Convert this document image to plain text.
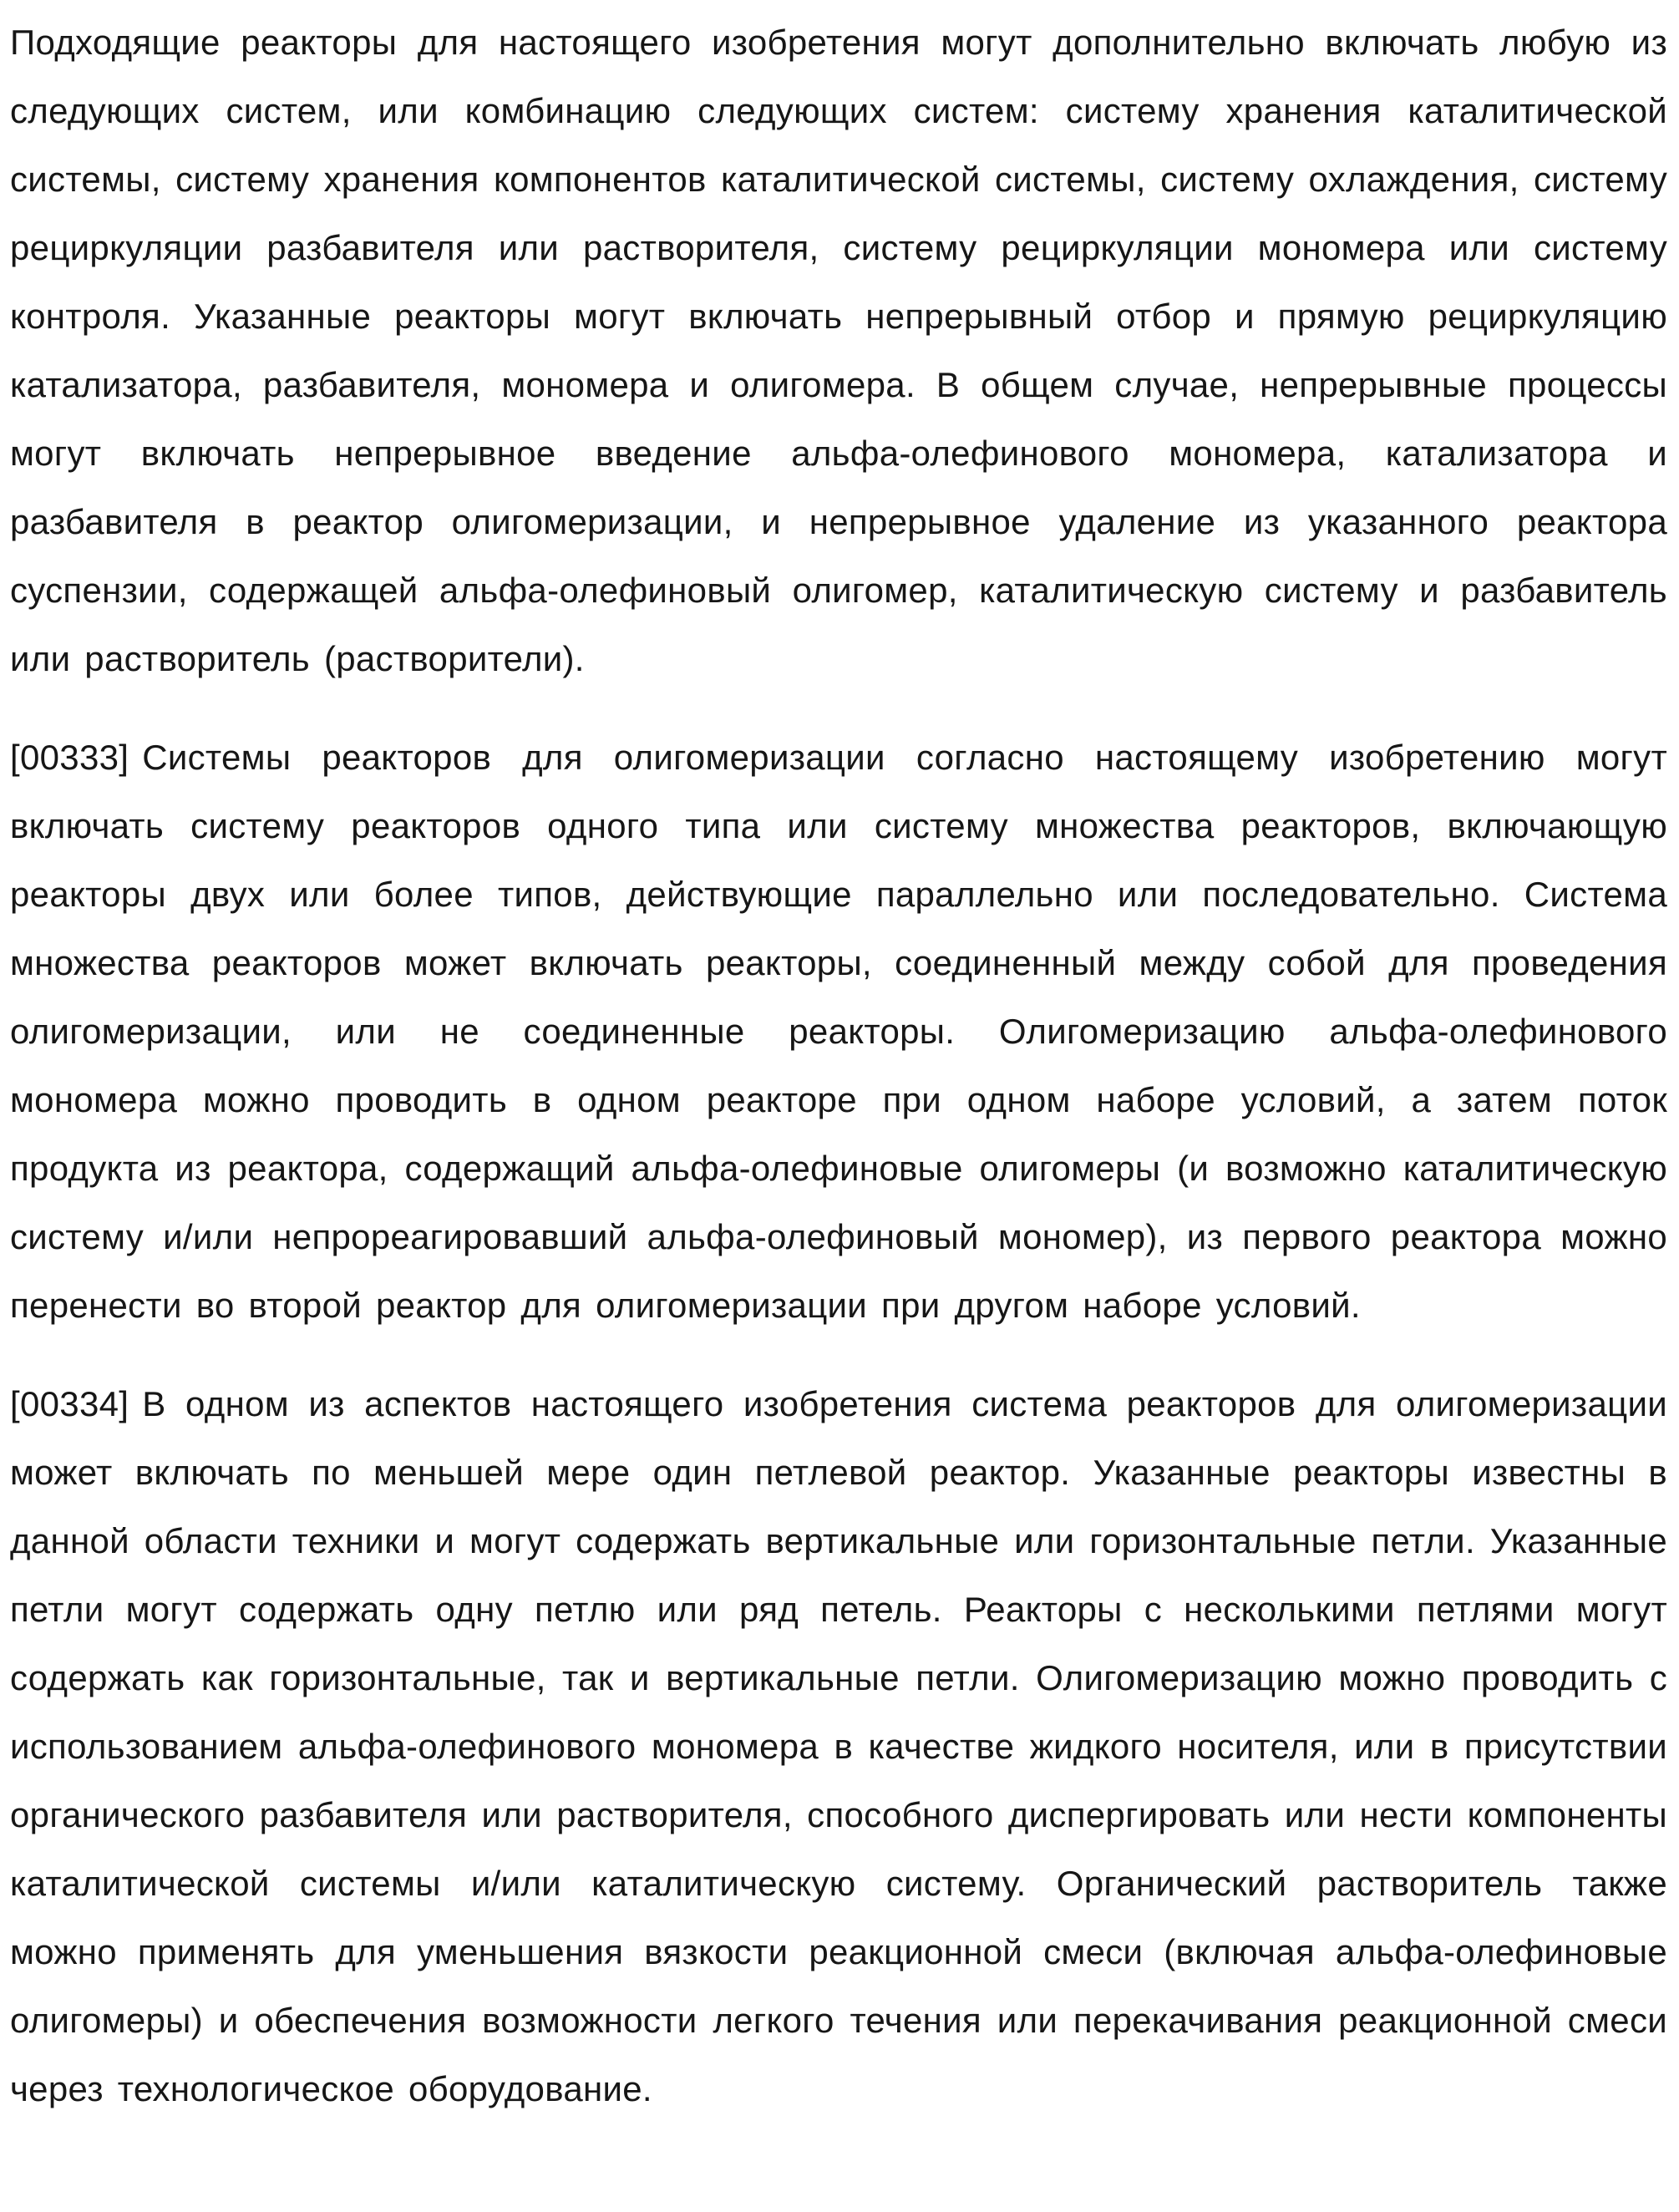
Подходящие реакторы для настоящего изобретения могут дополнительно включать любую из следующих систем, или комбинацию следующих систем: систему хранения каталитической системы, систему хранения компонентов каталитической системы, систему охлаждения, систему рециркуляции разбавителя или растворителя, систему рециркуляции мономера или систему контроля. Указанные реакторы могут включать непрерывный отбор и прямую рециркуляцию катализатора, разбавителя, мономера и олигомера. В общем случае, непрерывные процессы могут включать непрерывное введение альфа-олефинового мономера, катализатора и разбавителя в реактор олигомеризации, и непрерывное удаление из указанного реактора суспензии, содержащей альфа-олефиновый олигомер, каталитическую систему и разбавитель или растворитель (растворители).

[00333] Системы реакторов для олигомеризации согласно настоящему изобретению могут включать систему реакторов одного типа или систему множества реакторов, включающую реакторы двух или более типов, действующие параллельно или последовательно. Система множества реакторов может включать реакторы, соединенный между собой для проведения олигомеризации, или не соединенные реакторы. Олигомеризацию альфа-олефинового мономера можно проводить в одном реакторе при одном наборе условий, а затем поток продукта из реактора, содержащий альфа-олефиновые олигомеры (и возможно каталитическую систему и/или непрореагировавший альфа-олефиновый мономер), из первого реактора можно перенести во второй реактор для олигомеризации при другом наборе условий.

[00334] В одном из аспектов настоящего изобретения система реакторов для олигомеризации может включать по меньшей мере один петлевой реактор. Указанные реакторы известны в данной области техники и могут содержать вертикальные или горизонтальные петли. Указанные петли могут содержать одну петлю или ряд петель. Реакторы с несколькими петлями могут содержать как горизонтальные, так и вертикальные петли. Олигомеризацию можно проводить с использованием альфа-олефинового мономера в качестве жидкого носителя, или в присутствии органического разбавителя или растворителя, способного диспергировать или нести компоненты каталитической системы и/или каталитическую систему. Органический растворитель также можно применять для уменьшения вязкости реакционной смеси (включая альфа-олефиновые олигомеры) и обеспечения возможности легкого течения или перекачивания реакционной смеси через технологическое оборудование.
